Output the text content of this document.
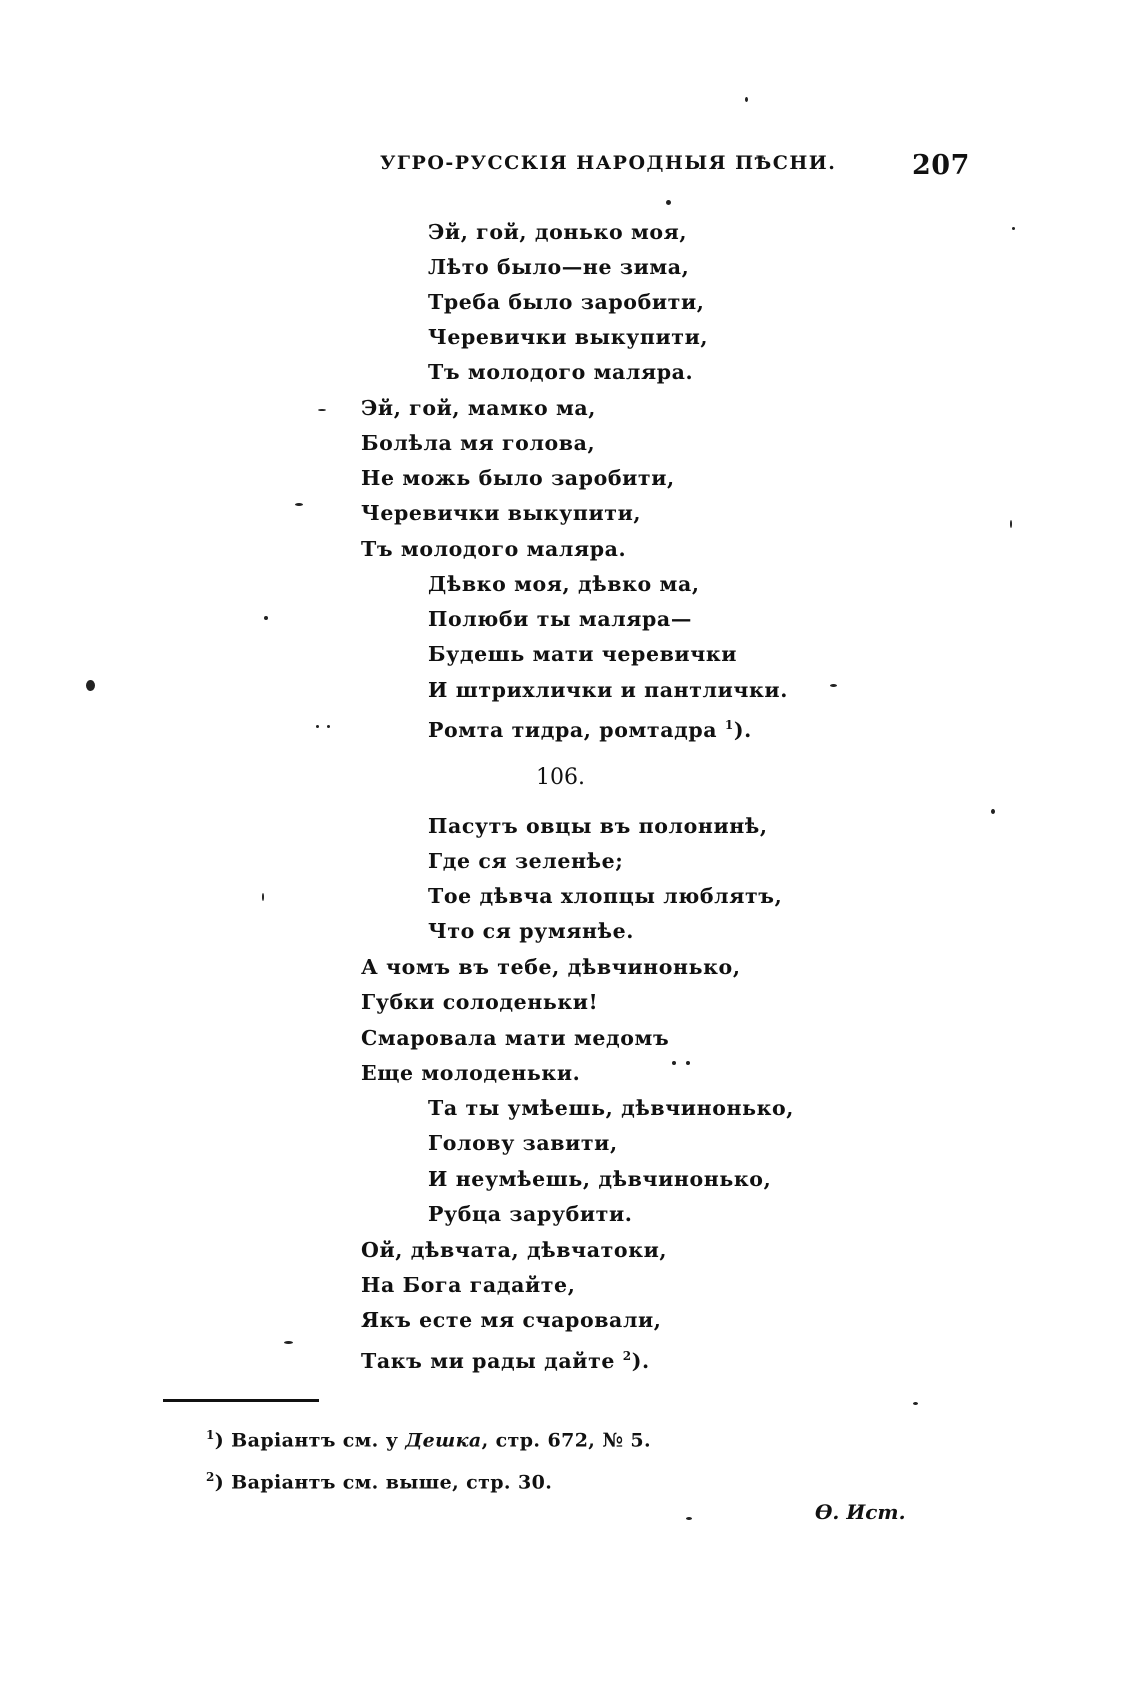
УГРО-РУССКІЯ НАРОДНЫЯ ПѢСНИ.	207
Эй, гой, донько моя,
Лѣто было—не зима,
Треба было заробити,
Черевички выкупити,
Тъ молодого маляра.
Эй, гой, мамко ма,
Болѣла мя голова,
Не можь было заробити,
Черевички выкупити,
Тъ молодого маляра.
Дѣвко моя, дѣвко ма,
Полюби ты маляра—
Будешь мати черевички
И штрихлички и пантлички.
Ромта тидра, ромтадра $^1$).
106.
Пасутъ овцы въ полонинѣ,
Где ся зеленѣе;
Тое дѣвча хлопцы люблятъ,
Что ся румянѣе.
А чомъ въ тебе, дѣвчинонько,
Губки солоденьки!
Смаровала мати медомъ
Еще молоденьки.
Та ты умѣешь, дѣвчинонько,
Голову завити,
И неумѣешь, дѣвчинонько,
Рубца зарубити.
Ой, дѣвчата, дѣвчатоки,
На Бога гадайте,
Якъ есте мя счаровали,
Такъ ми рады дайте $^2$).
$^1$) Варіантъ см. у Дешка, стр. 672, № 5.
$^2$) Варіантъ см. выше, стр. 30.
Ѳ. Ист.
